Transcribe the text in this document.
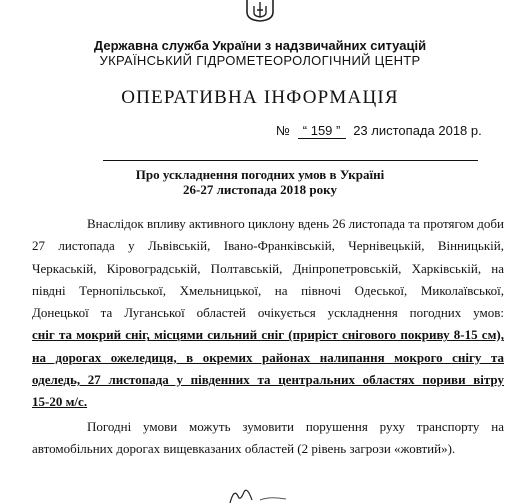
Державна служба України з надзвичайних ситуацій
УКРАЇНСЬКИЙ ГІДРОМЕТЕОРОЛОГІЧНИЙ ЦЕНТР
ОПЕРАТИВНА ІНФОРМАЦІЯ
№ “ 159 ” 23 листопада 2018 р.
Про ускладнення погодних умов в Україні
26-27 листопада 2018 року
Внаслідок впливу активного циклону вдень 26 листопада та протягом доби
27 листопада у Львівській, Івано-Франківській, Чернівецькій, Вінницькій,
Черкаській, Кіровоградській, Полтавській, Дніпропетровській, Харківській, на
півдні Тернопільської, Хмельницької, на півночі Одеської, Миколаївської,
Донецької та Луганської областей очікується ускладнення погодних умов:
сніг та мокрий сніг, місцями сильний сніг (приріст снігового покриву 8-15 см),
на дорогах ожеледиця, в окремих районах налипання мокрого снігу та
оделедь, 27 листопада у південних та центральних областях пориви вітру
15-20 м/с.
Погодні умови можуть зумовити порушення руху транспорту на
автомобільних дорогах вищевказаних областей (2 рівень загрози «жовтий»).
